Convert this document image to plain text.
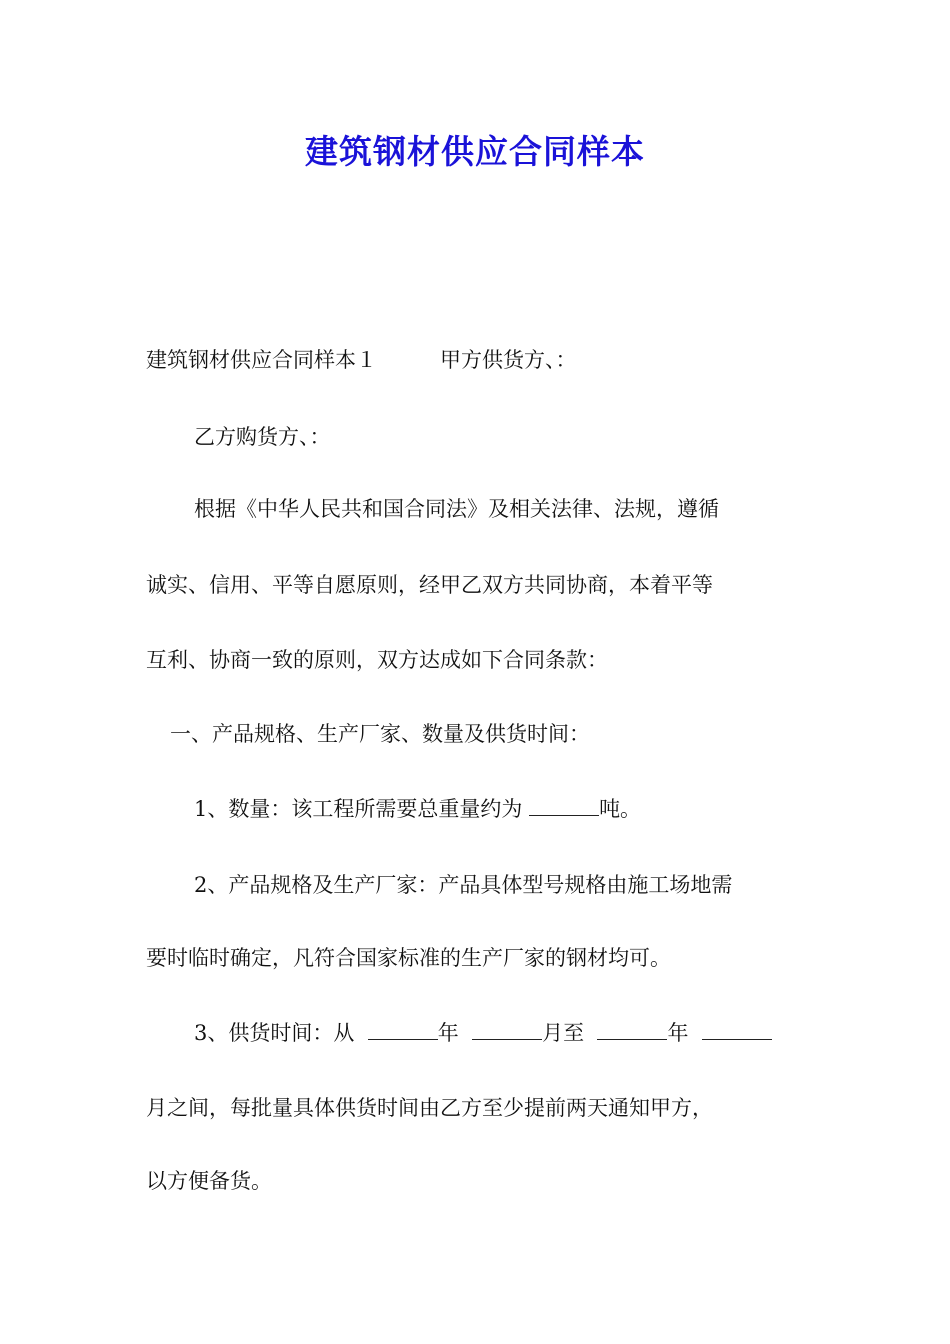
建筑钢材供应合同样本
建筑钢材供应合同样本１　　　甲方供货方、：
乙方购货方、：
根据《中华人民共和国合同法》及相关法律、法规，遵循
诚实、信用、平等自愿原则，经甲乙双方共同协商，本着平等
互利、协商一致的原则，双方达成如下合同条款：
一、产品规格、生产厂家、数量及供货时间：
1、数量：该工程所需要总重量约为	吨。
2、产品规格及生产厂家：产品具体型号规格由施工场地需
要时临时确定，凡符合国家标准的生产厂家的钢材均可。
3、供货时间：从	年	月至	年
月之间，每批量具体供货时间由乙方至少提前两天通知甲方，
以方便备货。
